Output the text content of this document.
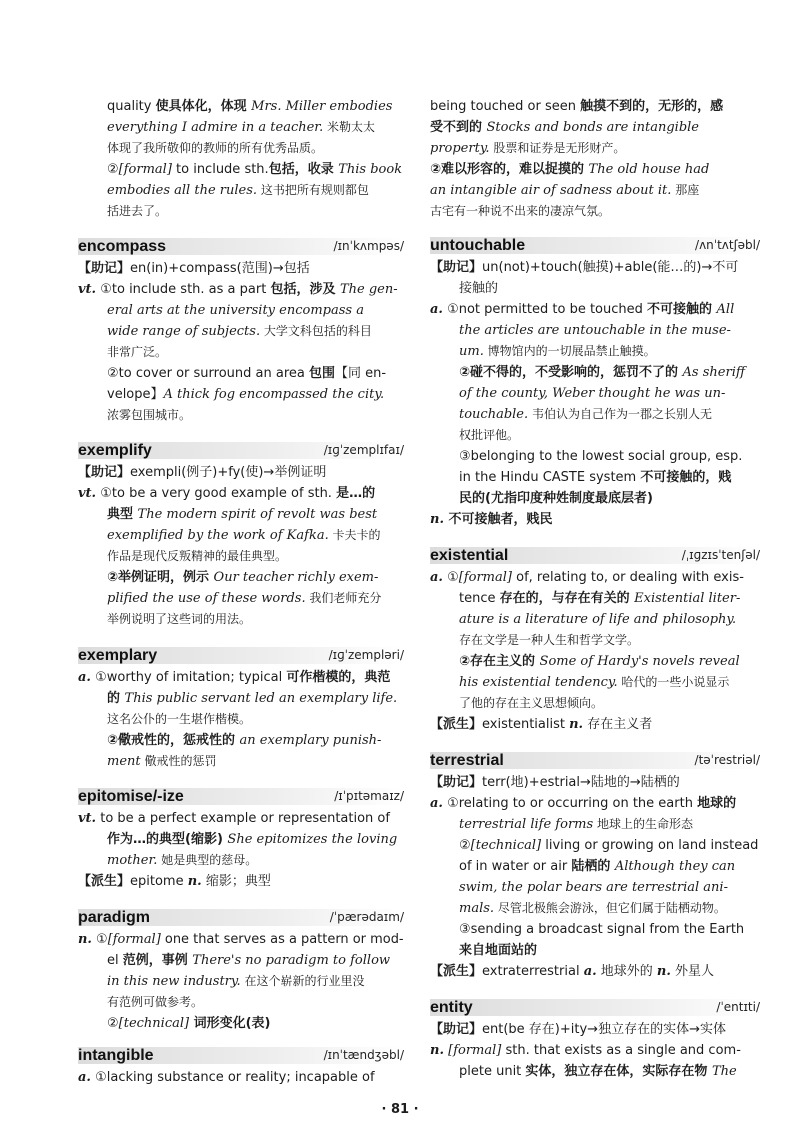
quality 使具体化，体现 Mrs. Miller embodies
everything I admire in a teacher. 米勒太太
体现了我所敬仰的教师的所有优秀品质。
②[formal] to include sth.包括，收录 This book
embodies all the rules. 这书把所有规则都包
括进去了。
encompass	/ɪnˈkʌmpəs/
【助记】en(in)+compass(范围)→包括
vt. ①to include sth. as a part 包括，涉及 The gen-
eral arts at the university encompass a
wide range of subjects. 大学文科包括的科目
非常广泛。
②to cover or surround an area 包围【同 en-
velope】A thick fog encompassed the city.
浓雾包围城市。
exemplify	/ɪɡˈzemplɪfaɪ/
【助记】exempli(例子)+fy(使)→举例证明
vt. ①to be a very good example of sth. 是…的
典型 The modern spirit of revolt was best
exemplified by the work of Kafka. 卡夫卡的
作品是现代反叛精神的最佳典型。
②举例证明，例示 Our teacher richly exem-
plified the use of these words. 我们老师充分
举例说明了这些词的用法。
exemplary	/ɪɡˈzempləri/
a. ①worthy of imitation; typical 可作楷模的，典范
的 This public servant led an exemplary life.
这名公仆的一生堪作楷模。
②儆戒性的，惩戒性的 an exemplary punish-
ment 儆戒性的惩罚
epitomise/-ize	/ɪˈpɪtəmaɪz/
vt. to be a perfect example or representation of
作为…的典型(缩影) She epitomizes the loving
mother. 她是典型的慈母。
【派生】epitome n. 缩影；典型
paradigm	/ˈpærədaɪm/
n. ①[formal] one that serves as a pattern or mod-
el 范例，事例 There's no paradigm to follow
in this new industry. 在这个崭新的行业里没
有范例可做参考。
②[technical] 词形变化(表)
intangible	/ɪnˈtændʒəbl/
a. ①lacking substance or reality; incapable of
being touched or seen 触摸不到的，无形的，感
受不到的 Stocks and bonds are intangible
property. 股票和证券是无形财产。
②难以形容的，难以捉摸的 The old house had
an intangible air of sadness about it. 那座
古宅有一种说不出来的凄凉气氛。
untouchable	/ʌnˈtʌtʃəbl/
【助记】un(not)+touch(触摸)+able(能…的)→不可
接触的
a. ①not permitted to be touched 不可接触的 All
the articles are untouchable in the muse-
um. 博物馆内的一切展品禁止触摸。
②碰不得的，不受影响的，惩罚不了的 As sheriff
of the county, Weber thought he was un-
touchable. 韦伯认为自己作为一郡之长别人无
权批评他。
③belonging to the lowest social group, esp.
in the Hindu CASTE system 不可接触的，贱
民的(尤指印度种姓制度最底层者)
n. 不可接触者，贱民
existential	/ˌɪɡzɪsˈtenʃəl/
a. ①[formal] of, relating to, or dealing with exis-
tence 存在的，与存在有关的 Existential liter-
ature is a literature of life and philosophy.
存在文学是一种人生和哲学文学。
②存在主义的 Some of Hardy's novels reveal
his existential tendency. 哈代的一些小说显示
了他的存在主义思想倾向。
【派生】existentialist n. 存在主义者
terrestrial	/təˈrestriəl/
【助记】terr(地)+estrial→陆地的→陆栖的
a. ①relating to or occurring on the earth 地球的
terrestrial life forms 地球上的生命形态
②[technical] living or growing on land instead
of in water or air 陆栖的 Although they can
swim, the polar bears are terrestrial ani-
mals. 尽管北极熊会游泳，但它们属于陆栖动物。
③sending a broadcast signal from the Earth
来自地面站的
【派生】extraterrestrial a. 地球外的 n. 外星人
entity	/ˈentɪti/
【助记】ent(be 存在)+ity→独立存在的实体→实体
n. [formal] sth. that exists as a single and com-
plete unit 实体，独立存在体，实际存在物 The
· 81 ·
